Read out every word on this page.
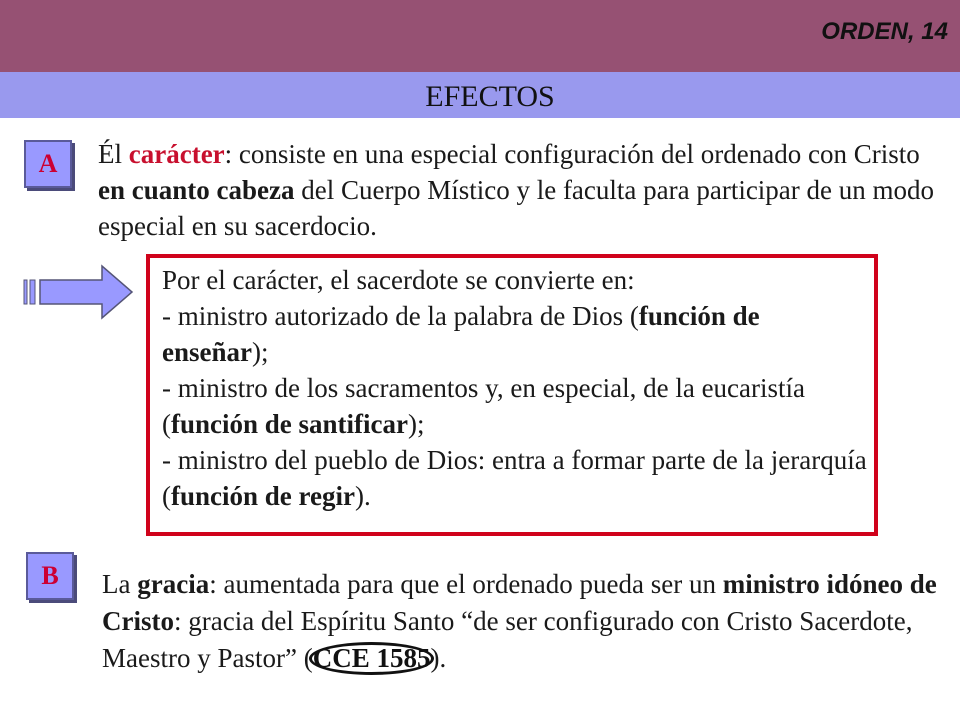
ORDEN, 14
EFECTOS
A	Él carácter: consiste en una especial configuración del ordenado con Cristo en cuanto cabeza del Cuerpo Místico y le faculta para participar de un modo especial en su sacerdocio.

Por el carácter, el sacerdote se convierte en:
- ministro autorizado de la palabra de Dios (función de enseñar);
- ministro de los sacramentos y, en especial, de la eucaristía (función de santificar);
- ministro del pueblo de Dios: entra a formar parte de la jerarquía (función de regir).

B	La gracia: aumentada para que el ordenado pueda ser un ministro idóneo de Cristo: gracia del Espíritu Santo “de ser configurado con Cristo Sacerdote, Maestro y Pastor” (CCE 1585).
